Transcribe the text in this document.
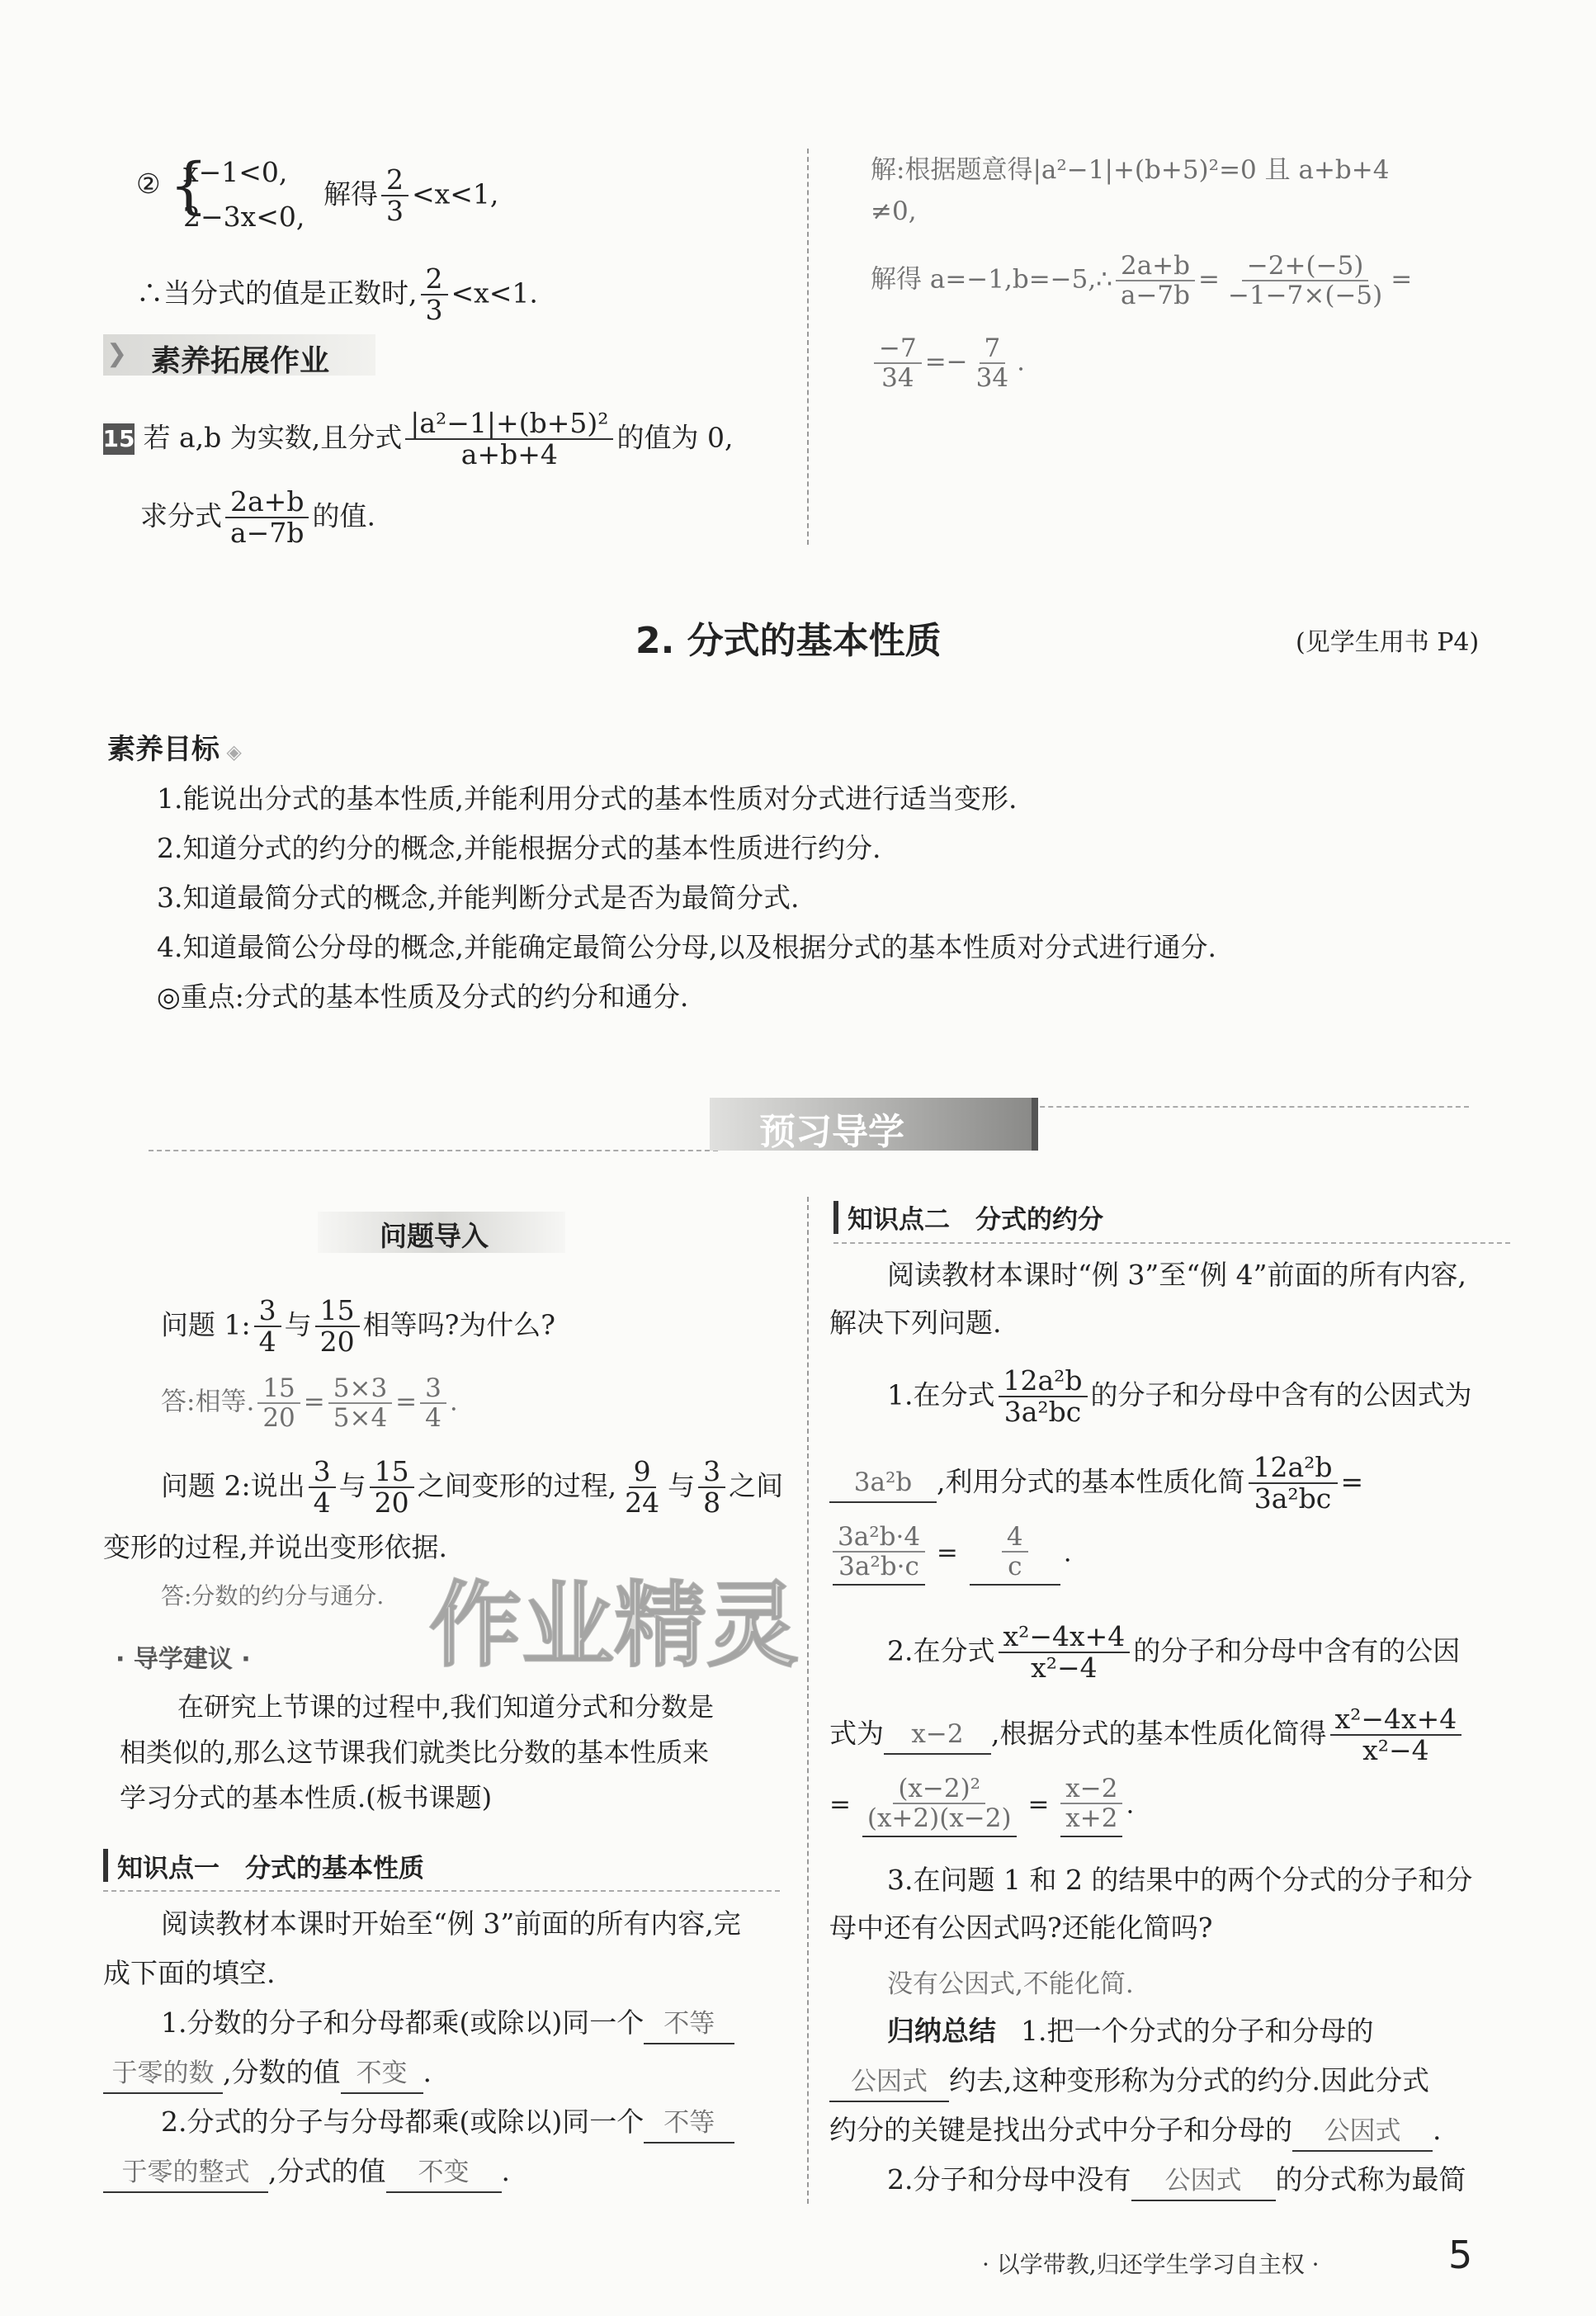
② {
x−1<0,
2−3x<0,
解得 $\frac{2}{3} <x<1$,
∴当分式的值是正数时, $\frac{2}{3} <x<1$.
❯ 素养拓展作业
15 若 a,b 为实数,且分式 $\frac{\text{|a²−1|+(b+5)²}}{a+b+4}$ 的值为 0,
求分式 $\frac{2a+b}{a-7b}$ 的值.
解:根据题意得|a²−1|+(b+5)²=0 且 a+b+4
≠0,
解得 a=−1,b=−5,∴ $\frac{2a+b}{a-7b} = \frac{-2+(-5)}{-1-7\times(-5)}$ =
$\frac{-7}{34} =- \frac{7}{34}$ .
2. 分式的基本性质	(见学生用书 P4)
素养目标 ◈
1.能说出分式的基本性质,并能利用分式的基本性质对分式进行适当变形.
2.知道分式的约分的概念,并能根据分式的基本性质进行约分.
3.知道最简分式的概念,并能判断分式是否为最简分式.
4.知道最简公分母的概念,并能确定最简公分母,以及根据分式的基本性质对分式进行通分.
◎重点:分式的基本性质及分式的约分和通分.
预习导学
问题导入
问题 1: $\frac{3}{4}$ 与 $\frac{15}{20}$ 相等吗?为什么?
答:相等. $\frac{15}{20} = \frac{5\times 3}{5\times 4} = \frac{3}{4}$ .
问题 2:说出 $\frac{3}{4}$ 与 $\frac{15}{20}$ 之间变形的过程, $\frac{9}{24}$ 与 $\frac{3}{8}$ 之间
变形的过程,并说出变形依据.
答:分数的约分与通分. 作业精灵
· 导学建议 ·
在研究上节课的过程中,我们知道分式和分数是
相类似的,那么这节课我们就类比分数的基本性质来
学习分式的基本性质.(板书课题)
知识点一　分式的基本性质
阅读教材本课时开始至“例 3”前面的所有内容,完
成下面的填空.
1.分数的分子和分母都乘(或除以)同一个 不等
于零的数 ,分数的值 不变 .
2.分式的分子与分母都乘(或除以)同一个 不等
于零的整式 ,分式的值 不变 .
知识点二　分式的约分
阅读教材本课时“例 3”至“例 4”前面的所有内容,
解决下列问题.
1.在分式 $\frac{\text{12a²b}}{\text{3a²bc}}$ 的分子和分母中含有的公因式为
3a²b ,利用分式的基本性质化简 $\frac{\text{12a²b}}{\text{3a²bc}}$ =
$\frac{\text{3a²b·4}}{\text{3a²b·c}} = \frac{4}{c}$ .
2.在分式 $\frac{\text{x²−4x+4}}{\text{x²−4}}$ 的分子和分母中含有的公因
式为 x−2 ,根据分式的基本性质化简得 $\frac{\text{x²−4x+4}}{\text{x²−4}}$
= $\frac{\text{(x−2)²}}{(x+2)(x-2)} = \frac{x-2}{x+2}$ .
3.在问题 1 和 2 的结果中的两个分式的分子和分
母中还有公因式吗?还能化简吗?
没有公因式,不能化简.
归纳总结 1.把一个分式的分子和分母的
公因式 约去,这种变形称为分式的约分.因此分式
约分的关键是找出分式中分子和分母的 公因式 .
2.分子和分母中没有 公因式 的分式称为最简
· 以学带教,归还学生学习自主权 ·	5
